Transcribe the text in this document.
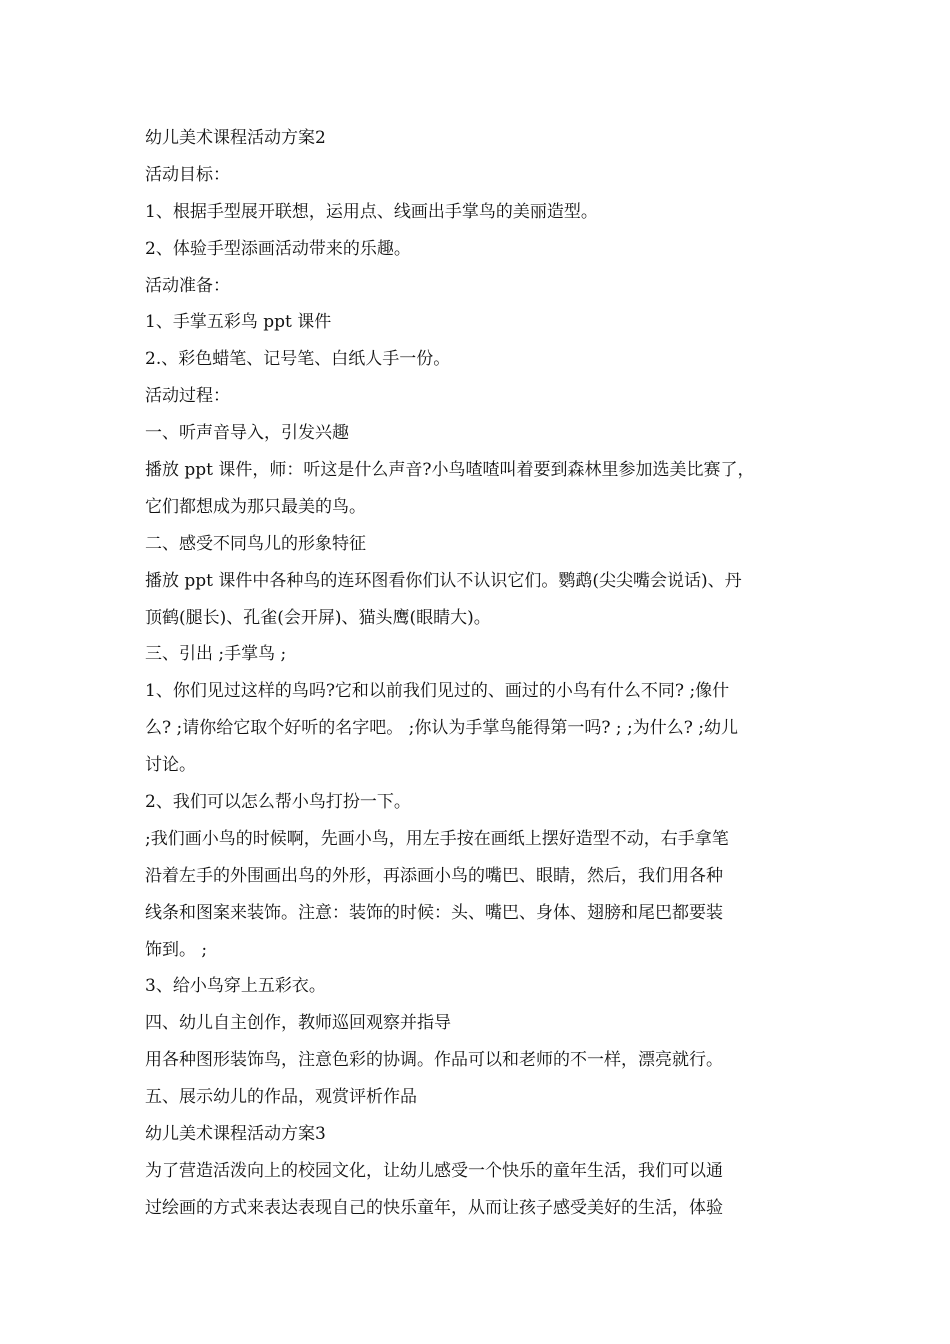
幼儿美术课程活动方案2
活动目标：
1、根据手型展开联想，运用点、线画出手掌鸟的美丽造型。
2、体验手型添画活动带来的乐趣。
活动准备：
1、手掌五彩鸟 ppt 课件
2.、彩色蜡笔、记号笔、白纸人手一份。
活动过程：
一、听声音导入，引发兴趣
播放 ppt 课件，师：听这是什么声音?小鸟喳喳叫着要到森林里参加选美比赛了，
它们都想成为那只最美的鸟。
二、感受不同鸟儿的形象特征
播放 ppt 课件中各种鸟的连环图看你们认不认识它们。鹦鹉(尖尖嘴会说话)、丹
顶鹤(腿长)、孔雀(会开屏)、猫头鹰(眼睛大)。
三、引出 ;手掌鸟 ;
1、你们见过这样的鸟吗?它和以前我们见过的、画过的小鸟有什么不同? ;像什
么? ;请你给它取个好听的名字吧。 ;你认为手掌鸟能得第一吗? ; ;为什么? ;幼儿
讨论。
2、我们可以怎么帮小鸟打扮一下。
;我们画小鸟的时候啊，先画小鸟，用左手按在画纸上摆好造型不动，右手拿笔
沿着左手的外围画出鸟的外形，再添画小鸟的嘴巴、眼睛，然后，我们用各种
线条和图案来装饰。注意：装饰的时候：头、嘴巴、身体、翅膀和尾巴都要装
饰到。 ;
3、给小鸟穿上五彩衣。
四、幼儿自主创作，教师巡回观察并指导
用各种图形装饰鸟，注意色彩的协调。作品可以和老师的不一样，漂亮就行。
五、展示幼儿的作品，观赏评析作品
幼儿美术课程活动方案3
为了营造活泼向上的校园文化，让幼儿感受一个快乐的童年生活，我们可以通
过绘画的方式来表达表现自己的快乐童年，从而让孩子感受美好的生活，体验
